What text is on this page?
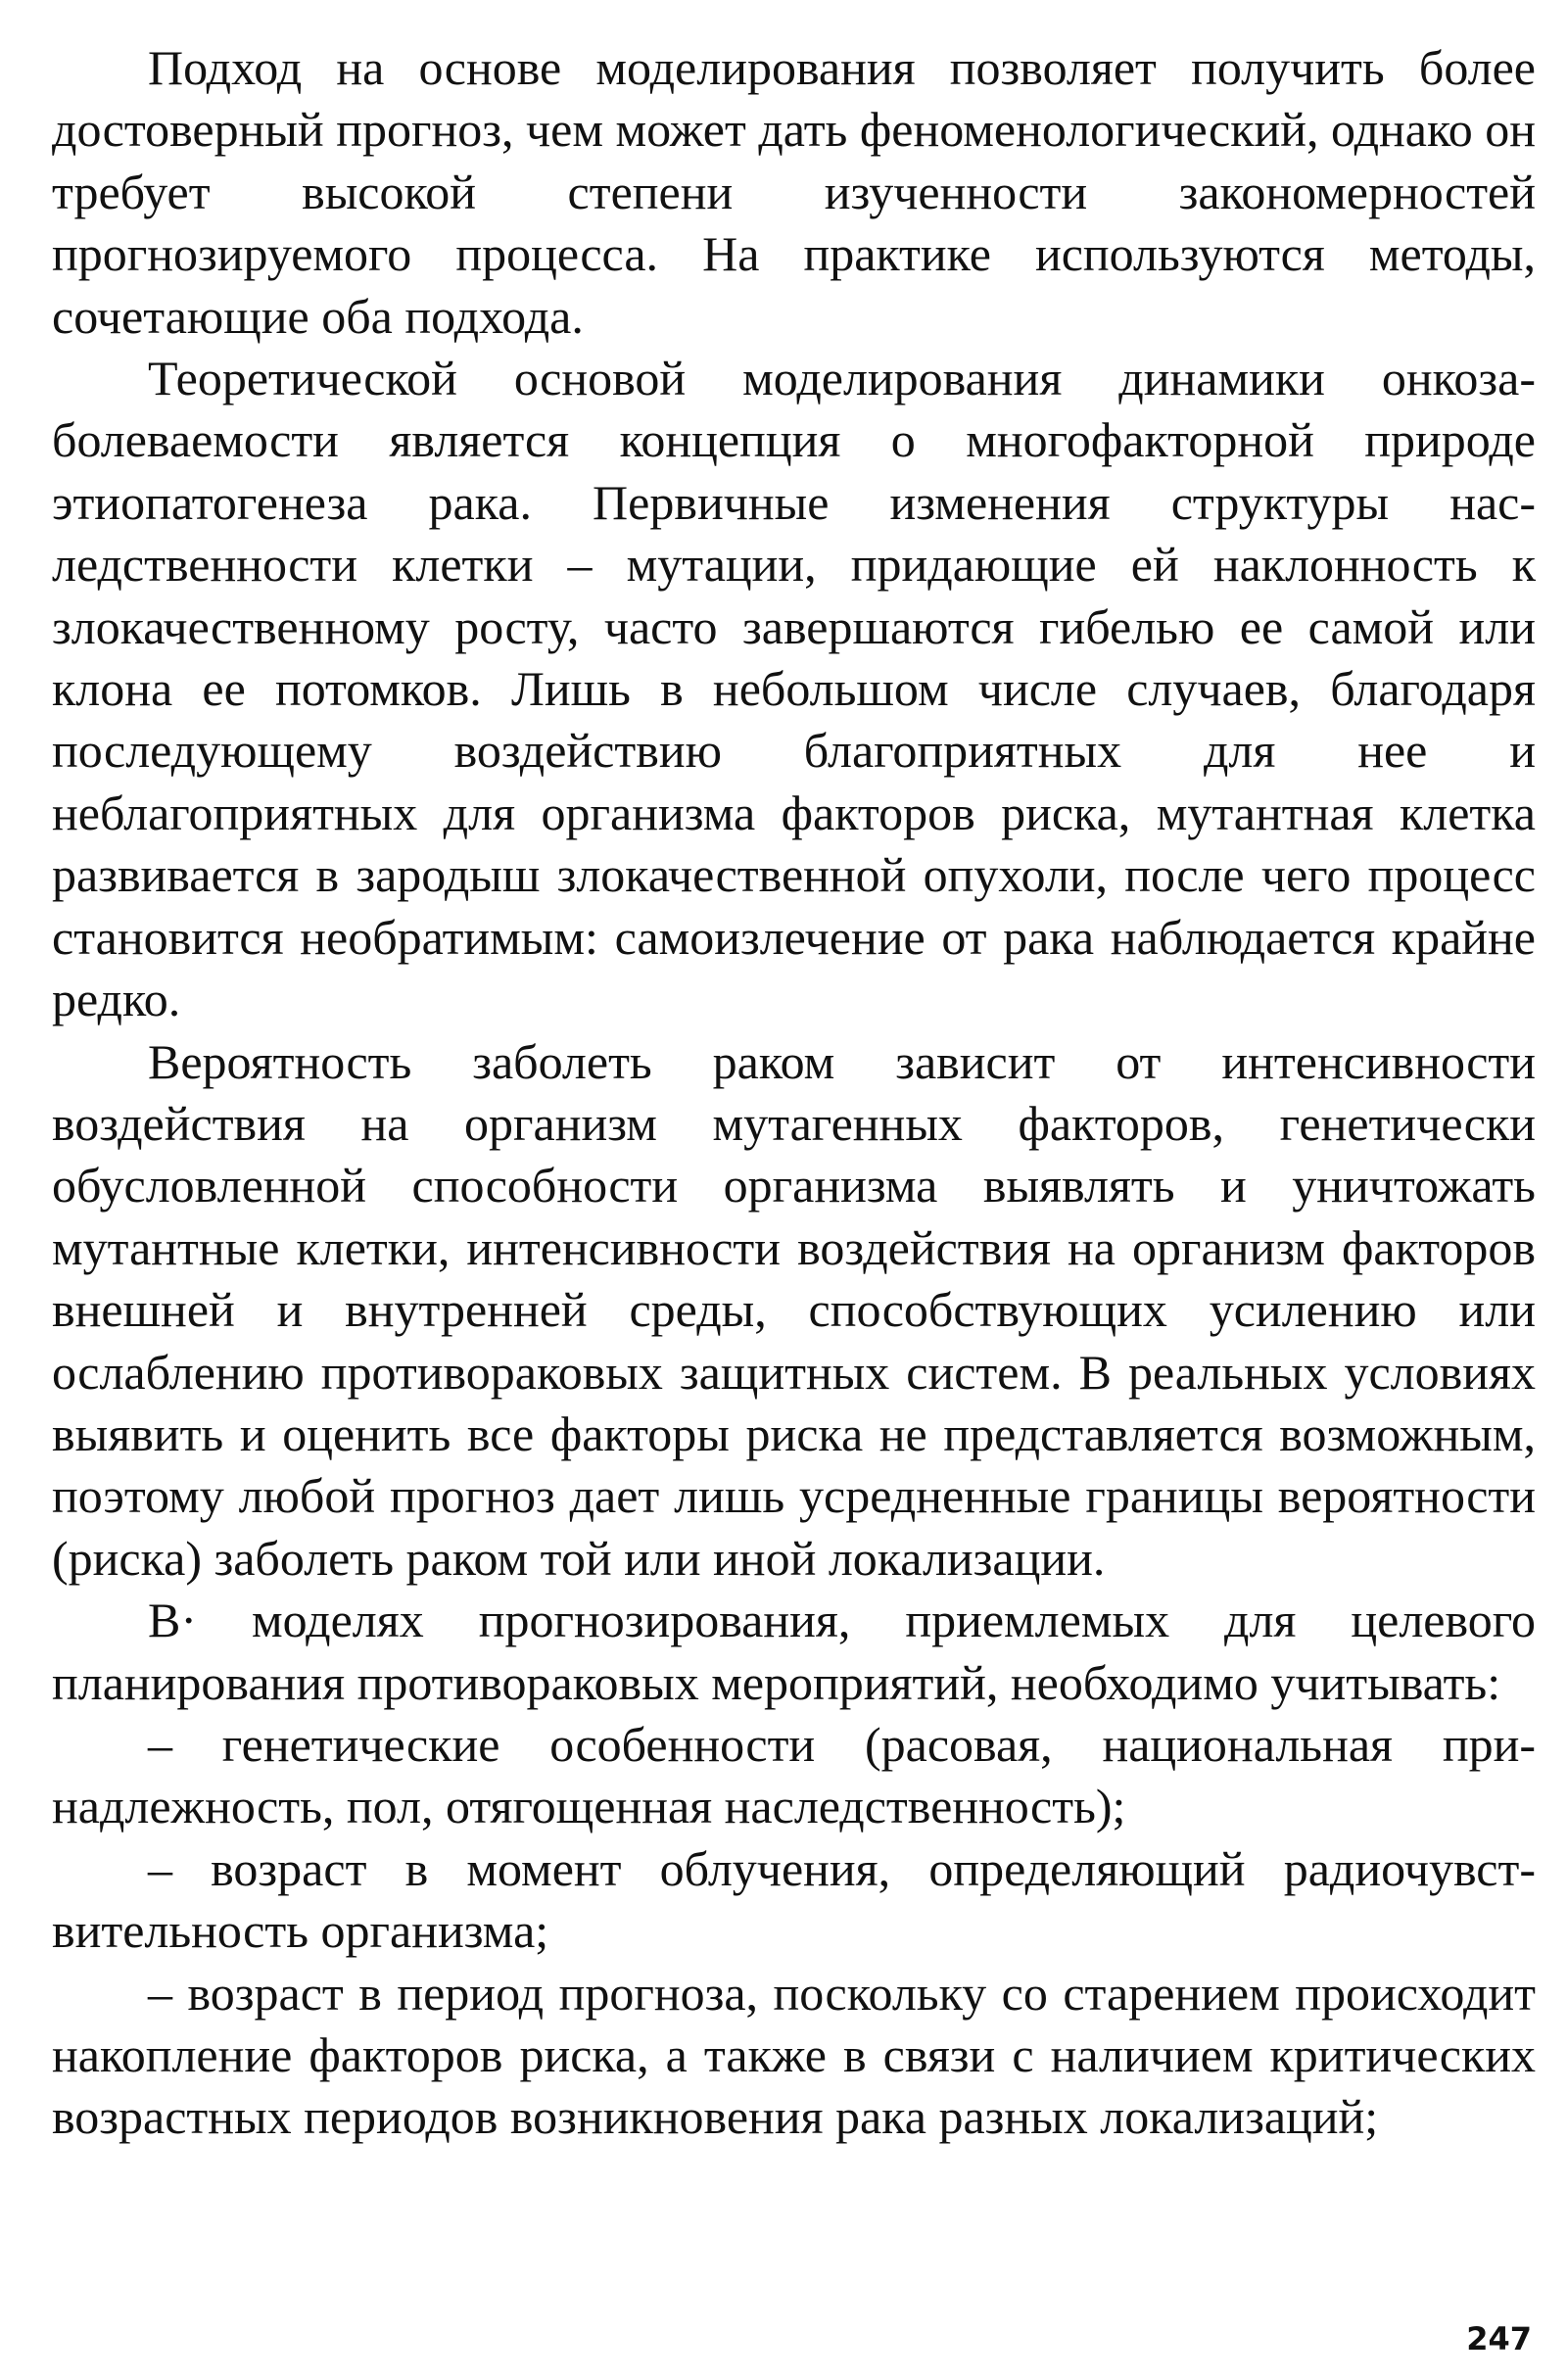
Подход на основе моделирования позволяет получить более достоверный прогноз, чем может дать феноменологический, однако он требует высокой степени изученности закономерностей прогнозируемого процесса. На практике используются методы, сочетающие оба подхода.

Теоретической основой моделирования динамики онкозаболеваемости является концепция о многофакторной природе этиопатогенеза рака. Первичные изменения структуры наследственности клетки – мутации, придающие ей наклонность к злокачественному росту, часто завершаются гибелью ее самой или клона ее потомков. Лишь в небольшом числе случаев, благодаря последующему воздействию благоприятных для нее и неблагоприятных для организма факторов риска, мутантная клетка развивается в зародыш злокачественной опухоли, после чего процесс становится необратимым: самоизлечение от рака наблюдается крайне редко.

Вероятность заболеть раком зависит от интенсивности воздействия на организм мутагенных факторов, генетически обусловленной способности организма выявлять и уничтожать мутантные клетки, интенсивности воздействия на организм факторов внешней и внутренней среды, способствующих усилению или ослаблению противораковых защитных систем. В реальных условиях выявить и оценить все факторы риска не представляется возможным, поэтому любой прогноз дает лишь усредненные границы вероятности (риска) заболеть раком той или иной локализации.

В· моделях прогнозирования, приемлемых для целевого планирования противораковых мероприятий, необходимо учитывать:

– генетические особенности (расовая, национальная принадлежность, пол, отягощенная наследственность);

– возраст в момент облучения, определяющий радиочувствительность организма;

– возраст в период прогноза, поскольку со старением происходит накопление факторов риска, а также в связи с наличием критических возрастных периодов возникновения рака разных локализаций;

247
